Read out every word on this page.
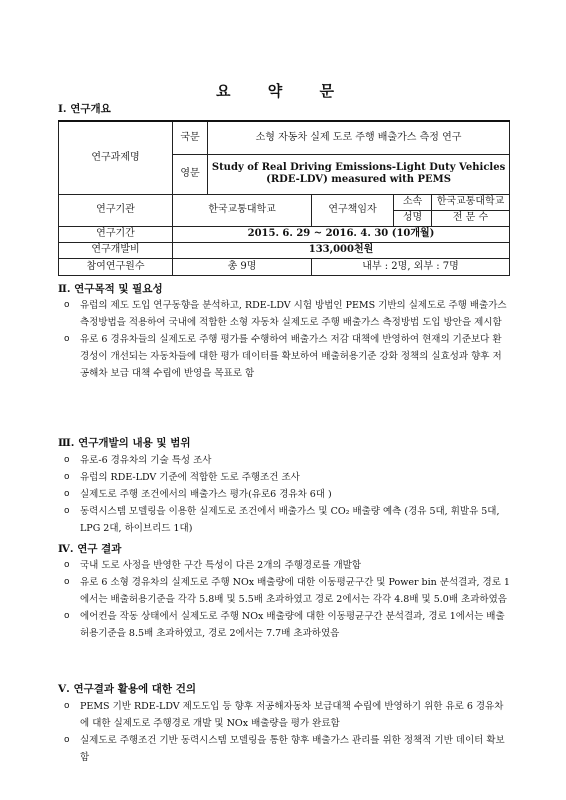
요 약 문
Ⅰ. 연구개요
연구과제명	국문	소형 자동차 실제 도로 주행 배출가스 측정 연구			
	영문	Study of Real Driving Emissions-Light Duty Vehicles
(RDE-LDV) measured with PEMS			

연구기관	한국교통대학교		연구책임자	소속	한국교통대학교
				성명	전 문 수
연구기간	2015. 6. 29 ~ 2016. 4. 30 (10개월)				
연구개발비	133,000천원				
참여연구원수	총 9명		내부 : 2명, 외부 : 7명		
Ⅱ. 연구목적 및 필요성
o 유럽의 제도 도입 연구동향을 분석하고, RDE-LDV 시험 방법인 PEMS 기반의 실제도로 주행 배출가스 측정방법을 적용하여 국내에 적합한 소형 자동차 실제도로 주행 배출가스 측정방법 도입 방안을 제시함
o 유로 6 경유차들의 실제도로 주행 평가를 수행하여 배출가스 저감 대책에 반영하여 현재의 기준보다 환경성이 개선되는 자동차들에 대한 평가 데이터를 확보하여 배출허용기준 강화 정책의 실효성과 향후 저공해차 보급 대책 수립에 반영을 목표로 함
Ⅲ. 연구개발의 내용 및 범위
o 유로-6 경유차의 기술 특성 조사
o 유럽의 RDE-LDV 기준에 적합한 도로 주행조건 조사
o 실제도로 주행 조건에서의 배출가스 평가(유로6 경유차 6대 )
o 동력시스템 모델링을 이용한 실제도로 조건에서 배출가스 및 CO₂ 배출량 예측 (경유 5대, 휘발유 5대, LPG 2대, 하이브리드 1대)
Ⅳ. 연구 결과
o 국내 도로 사정을 반영한 구간 특성이 다른 2개의 주행경로를 개발함
o 유로 6 소형 경유차의 실제도로 주행 NOx 배출량에 대한 이동평균구간 및 Power bin 분석결과, 경로 1에서는 배출허용기준을 각각 5.8배 및 5.5배 초과하였고 경로 2에서는 각각 4.8배 및 5.0배 초과하였음
o 에어컨을 작동 상태에서 실제도로 주행 NOx 배출량에 대한 이동평균구간 분석결과, 경로 1에서는 배출허용기준을 8.5배 초과하였고, 경로 2에서는 7.7배 초과하였음
Ⅴ. 연구결과 활용에 대한 건의
o PEMS 기반 RDE-LDV 제도도입 등 향후 저공해자동차 보급대책 수립에 반영하기 위한 유로 6 경유차에 대한 실제도로 주행경로 개발 및 NOx 배출량을 평가 완료함
o 실제도로 주행조건 기반 동력시스템 모델링을 통한 향후 배출가스 관리를 위한 정책적 기반 데이터 확보함
